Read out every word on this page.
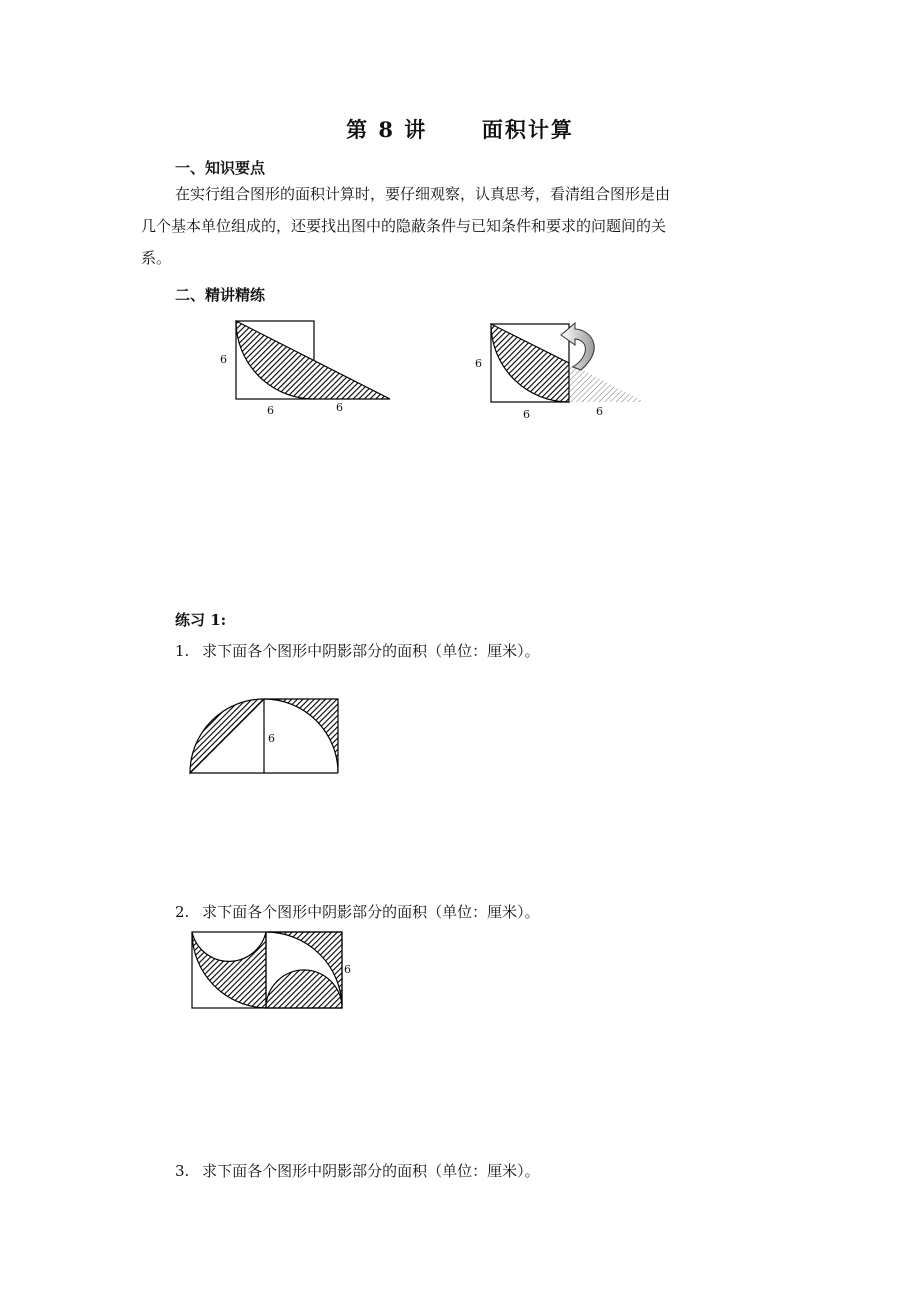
第 8 讲	面积计算
一、知识要点
在实行组合图形的面积计算时，要仔细观察，认真思考，看清组合图形是由
几个基本单位组成的，还要找出图中的隐蔽条件与已知条件和要求的问题间的关
系。
二、精讲精练
6
6	6
6
6	6
练习 1:
1. 求下面各个图形中阴影部分的面积（单位：厘米）。
6
2. 求下面各个图形中阴影部分的面积（单位：厘米）。
6
3. 求下面各个图形中阴影部分的面积（单位：厘米）。
